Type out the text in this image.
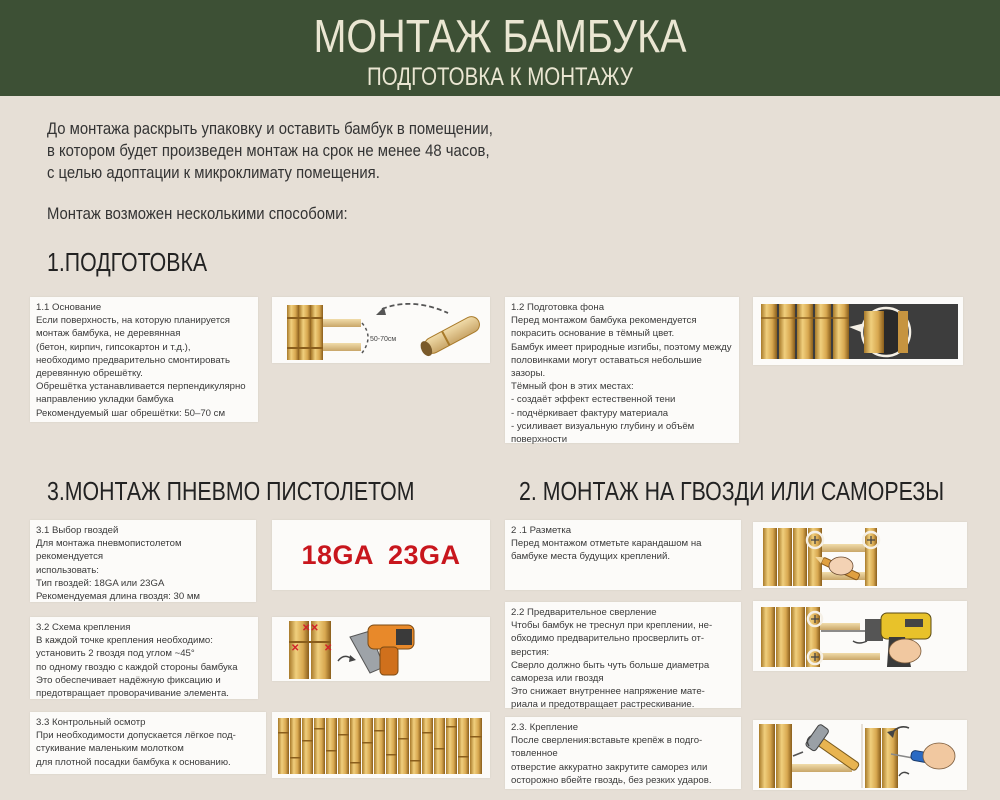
МОНТАЖ БАМБУКА
ПОДГОТОВКА К МОНТАЖУ
До монтажа раскрыть упаковку и оставить бамбук в помещении,
в котором будет произведен монтаж на срок не менее 48 часов,
с целью адоптации к микроклимату помещения.
Монтаж возможен несколькими способоми:
1.ПОДГОТОВКА
1.1 Основание
Если поверхность, на которую планируется
монтаж бамбука, не деревянная
(бетон, кирпич, гипсокартон и т.д.),
необходимо предварительно смонтировать
деревянную обрешётку.
Обрешётка устанавливается перпендикулярно
направлению укладки бамбука
Рекомендуемый шаг обрешётки: 50–70 см
50-70см
1.2 Подготовка фона
Перед монтажом бамбука рекомендуется
покрасить основание в тёмный цвет.
Бамбук имеет природные изгибы, поэтому между
половинками могут оставаться небольшие
зазоры.
Тёмный фон в этих местах:
- создаёт эффект естественной тени
- подчёркивает фактуру материала
- усиливает визуальную глубину и объём
поверхности
3.МОНТАЖ ПНЕВМО ПИСТОЛЕТОМ
3.1 Выбор гвоздей
Для монтажа пневмопистолетом
рекомендуется
использовать:
Тип гвоздей: 18GA или 23GA
Рекомендуемая длина гвоздя: 30 мм
18GA 23GA
3.2 Схема крепления
В каждой точке крепления необходимо:
установить 2 гвоздя под углом ~45°
по одному гвоздю с каждой стороны бамбука
Это обеспечивает надёжную фиксацию и
предотвращает проворачивание элемента.
✕✕
✕ ✕
3.3 Контрольный осмотр
При необходимости допускается лёгкое под-
стукивание маленьким молотком
для плотной посадки бамбука к основанию.
2. МОНТАЖ НА ГВОЗДИ ИЛИ САМОРЕЗЫ
2 .1 Разметка
Перед монтажом отметьте карандашом на
бамбуке места будущих креплений.
2.2 Предварительное сверление
Чтобы бамбук не треснул при креплении, не-
обходимо предварительно просверлить от-
верстия:
Сверло должно быть чуть больше диаметра
самореза или гвоздя
Это снижает внутреннее напряжение мате-
риала и предотвращает растрескивание.
2.3. Крепление
После сверления:вставьте крепёж в подго-
товленное
отверстие аккуратно закрутите саморез или
осторожно вбейте гвоздь, без резких ударов.
